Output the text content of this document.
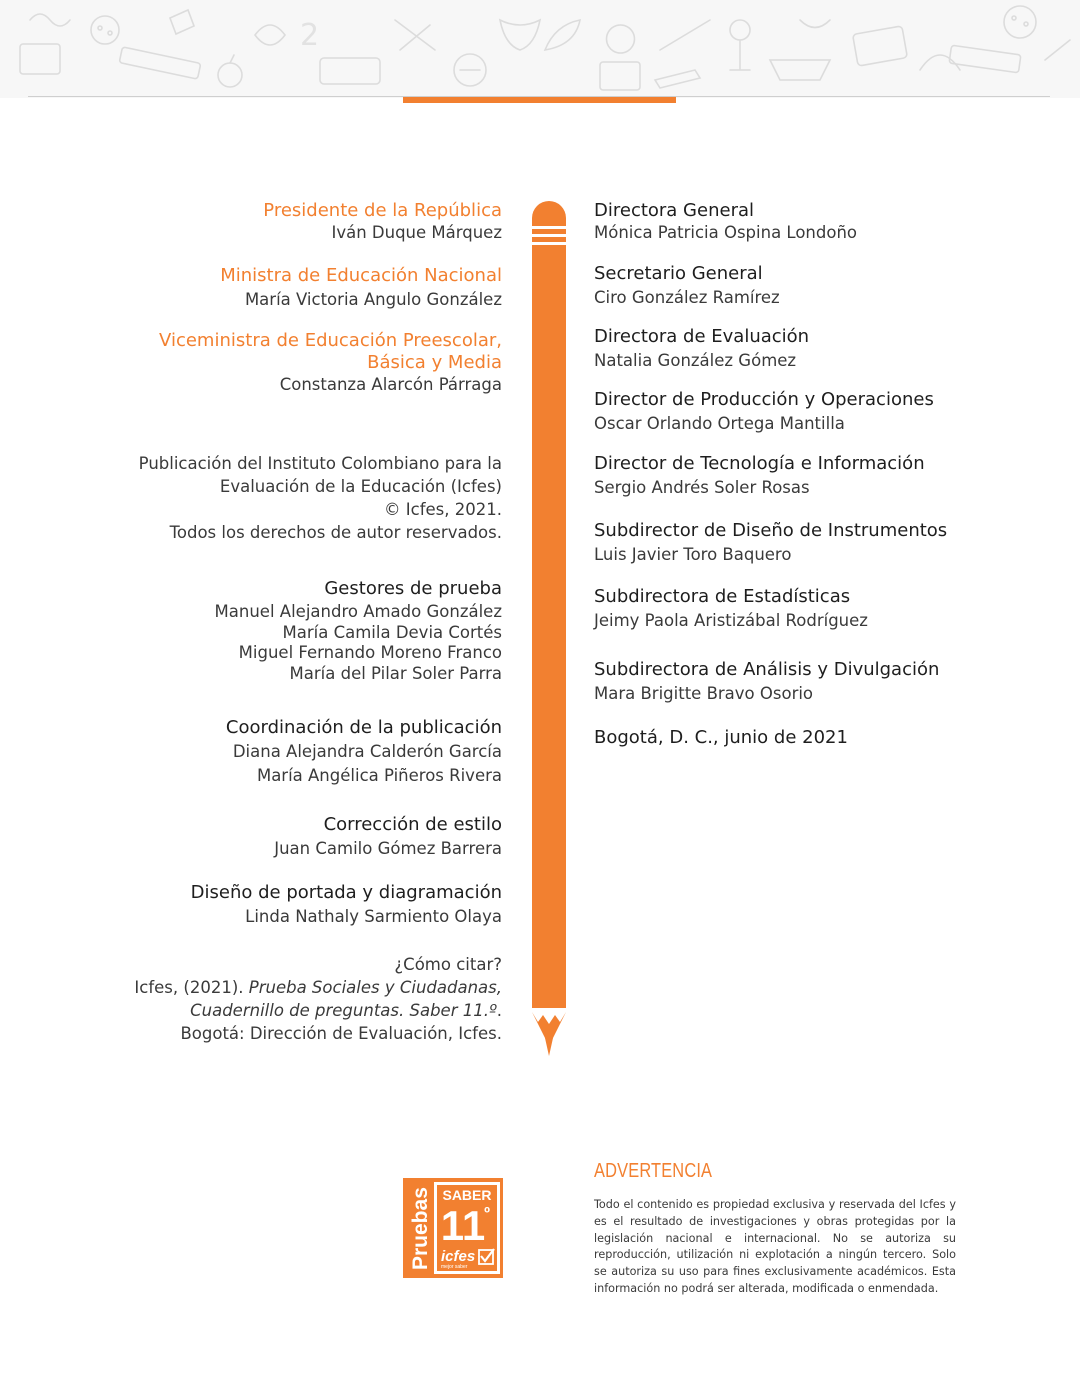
2
Presidente de la República
Iván Duque Márquez
Ministra de Educación Nacional
María Victoria Angulo González
Viceministra de Educación Preescolar,
Básica y Media
Constanza Alarcón Párraga
Publicación del Instituto Colombiano para la
Evaluación de la Educación (Icfes)
© Icfes, 2021.
Todos los derechos de autor reservados.
Gestores de prueba
Manuel Alejandro Amado González
María Camila Devia Cortés
Miguel Fernando Moreno Franco
María del Pilar Soler Parra
Coordinación de la publicación
Diana Alejandra Calderón García
María Angélica Piñeros Rivera
Corrección de estilo
Juan Camilo Gómez Barrera
Diseño de portada y diagramación
Linda Nathaly Sarmiento Olaya
¿Cómo citar?
Icfes, (2021). Prueba Sociales y Ciudadanas,
Cuadernillo de preguntas. Saber 11.º.
Bogotá: Dirección de Evaluación, Icfes.
Directora General
Mónica Patricia Ospina Londoño
Secretario General
Ciro González Ramírez
Directora de Evaluación
Natalia González Gómez
Director de Producción y Operaciones
Oscar Orlando Ortega Mantilla
Director de Tecnología e Información
Sergio Andrés Soler Rosas
Subdirector de Diseño de Instrumentos
Luis Javier Toro Baquero
Subdirectora de Estadísticas
Jeimy Paola Aristizábal Rodríguez
Subdirectora de Análisis y Divulgación
Mara Brigitte Bravo Osorio
Bogotá, D. C., junio de 2021
Pruebas SABER
11
º
icfes
mejor saber
ADVERTENCIA
Todo el contenido es propiedad exclusiva y reservada del Icfes y es el resultado de investigaciones y obras protegidas por la legislación nacional e internacional. No se autoriza su reproducción, utilización ni explotación a ningún tercero. Solo se autoriza su uso para fines exclusivamente académicos. Esta información no podrá ser alterada, modificada o enmendada.
